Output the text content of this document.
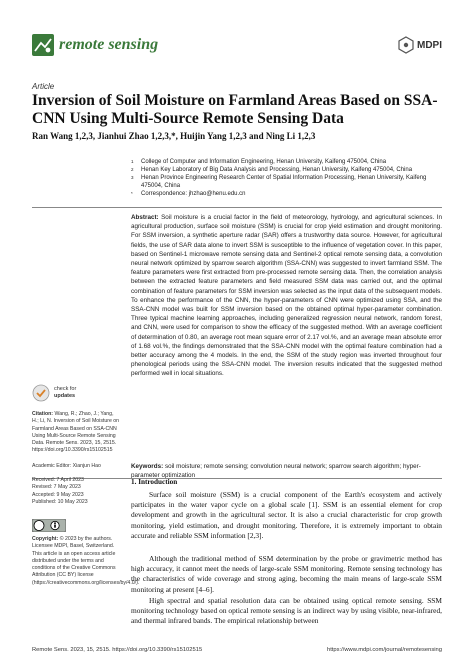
remote sensing	MDPI
Article
Inversion of Soil Moisture on Farmland Areas Based on SSA-CNN Using Multi-Source Remote Sensing Data
Ran Wang 1,2,3, Jianhui Zhao 1,2,3,*, Huijin Yang 1,2,3 and Ning Li 1,2,3
1	College of Computer and Information Engineering, Henan University, Kaifeng 475004, China
2	Henan Key Laboratory of Big Data Analysis and Processing, Henan University, Kaifeng 475004, China
3	Henan Province Engineering Research Center of Spatial Information Processing, Henan University, Kaifeng 475004, China
*	Correspondence: jhzhao@henu.edu.cn
Abstract: Soil moisture is a crucial factor in the field of meteorology, hydrology, and agricultural sciences. In agricultural production, surface soil moisture (SSM) is crucial for crop yield estimation and drought monitoring. For SSM inversion, a synthetic aperture radar (SAR) offers a trustworthy data source. However, for agricultural fields, the use of SAR data alone to invert SSM is susceptible to the influence of vegetation cover. In this paper, based on Sentinel-1 microwave remote sensing data and Sentinel-2 optical remote sensing data, a convolution neural network optimized by sparrow search algorithm (SSA-CNN) was suggested to invert farmland SSM. The feature parameters were first extracted from pre-processed remote sensing data. Then, the correlation analysis between the extracted feature parameters and field measured SSM data was carried out, and the optimal combination of feature parameters for SSM inversion was selected as the input data of the subsequent models. To enhance the performance of the CNN, the hyper-parameters of CNN were optimized using SSA, and the SSA-CNN model was built for SSM inversion based on the obtained optimal hyper-parameter combination. Three typical machine learning approaches, including generalized regression neural network, random forest, and CNN, were used for comparison to show the efficacy of the suggested method. With an average coefficient of determination of 0.80, an average root mean square error of 2.17 vol.%, and an average mean absolute error of 1.68 vol.%, the findings demonstrated that the SSA-CNN model with the optimal feature combination had a better accuracy among the 4 models. In the end, the SSM of the study region was inverted throughout four phenological periods using the SSA-CNN model. The inversion results indicated that the suggested method performed well in local situations.
Keywords: soil moisture; remote sensing; convolution neural network; sparrow search algorithm; hyper-parameter optimization
check for
updates
Citation: Wang, R.; Zhao, J.; Yang, H.; Li, N. Inversion of Soil Moisture on Farmland Areas Based on SSA-CNN Using Multi-Source Remote Sensing Data. Remote Sens. 2023, 15, 2515. https://doi.org/10.3390/rs15102515
Academic Editor: Xianjun Hao
Received: 7 April 2023
Revised: 7 May 2023
Accepted: 9 May 2023
Published: 10 May 2023
Copyright: © 2023 by the authors. Licensee MDPI, Basel, Switzerland. This article is an open access article distributed under the terms and conditions of the Creative Commons Attribution (CC BY) license (https://creativecommons.org/licenses/by/4.0/).
1. Introduction
Surface soil moisture (SSM) is a crucial component of the Earth's ecosystem and actively participates in the water vapor cycle on a global scale [1]. SSM is an essential element for crop development and growth in the agricultural sector. It is also a crucial characteristic for crop growth monitoring, yield estimation, and drought monitoring. Therefore, it is extremely important to obtain accurate and reliable SSM information [2,3].
Although the traditional method of SSM determination by the probe or gravimetric method has high accuracy, it cannot meet the needs of large-scale SSM monitoring. Remote sensing technology has the characteristics of wide coverage and strong aging, becoming the main means of large-scale SSM monitoring at present [4–6].
High spectral and spatial resolution data can be obtained using optical remote sensing. SSM monitoring technology based on optical remote sensing is an indirect way by using visible, near-infrared, and thermal infrared bands. The empirical relationship between
Remote Sens. 2023, 15, 2515. https://doi.org/10.3390/rs15102515	https://www.mdpi.com/journal/remotesensing
